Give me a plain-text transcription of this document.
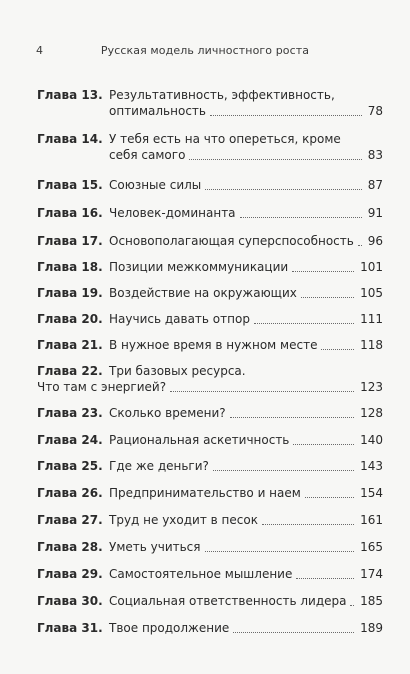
4	Русская модель личностного роста
Глава 13. Результативность, эффективность,
оптимальность	78
Глава 14. У тебя есть на что опереться, кроме
себя самого	83
Глава 15. Союзные силы	87
Глава 16. Человек-доминанта	91
Глава 17. Основополагающая суперспособность 96
Глава 18. Позиции межкоммуникации	101
Глава 19. Воздействие на окружающих	105
Глава 20. Научись давать отпор	111
Глава 21. В нужное время в нужном месте	118
Глава 22. Три базовых ресурса.
Что там с энергией?	123
Глава 23. Сколько времени?	128
Глава 24. Рациональная аскетичность	140
Глава 25. Где же деньги?	143
Глава 26. Предпринимательство и наем	154
Глава 27. Труд не уходит в песок	161
Глава 28. Уметь учиться	165
Глава 29. Самостоятельное мышление	174
Глава 30. Социальная ответственность лидера 185
Глава 31. Твое продолжение	189
